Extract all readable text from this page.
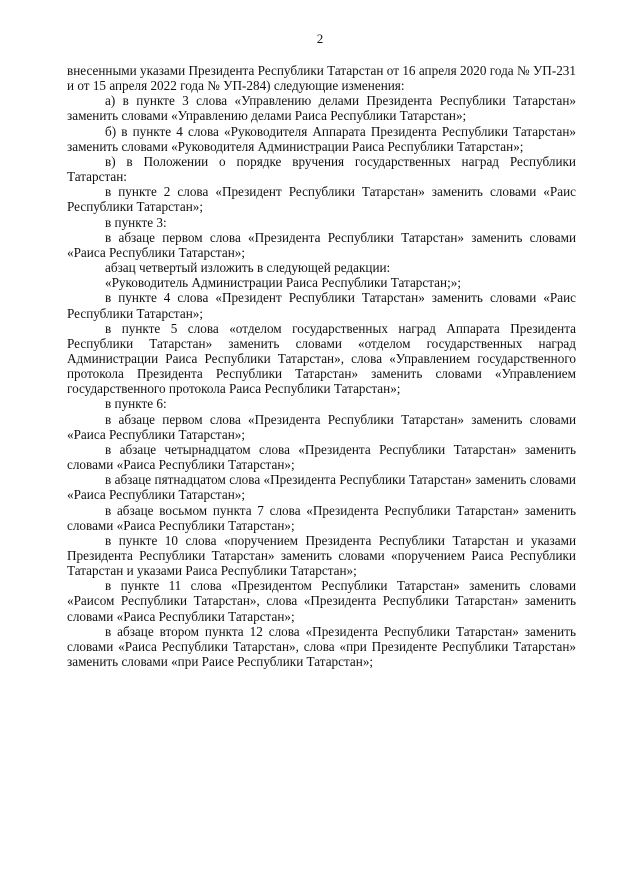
2

внесенными указами Президента Республики Татарстан от 16 апреля 2020 года № УП-231 и от 15 апреля 2022 года № УП-284) следующие изменения:

а) в пункте 3 слова «Управлению делами Президента Республики Татарстан» заменить словами «Управлению делами Раиса Республики Татарстан»;

б) в пункте 4 слова «Руководителя Аппарата Президента Республики Татарстан» заменить словами «Руководителя Администрации Раиса Республики Татарстан»;

в) в Положении о порядке вручения государственных наград Республики Татарстан:

в пункте 2 слова «Президент Республики Татарстан» заменить словами «Раис Республики Татарстан»;

в пункте 3:

в абзаце первом слова «Президента Республики Татарстан» заменить словами «Раиса Республики Татарстан»;

абзац четвертый изложить в следующей редакции:

«Руководитель Администрации Раиса Республики Татарстан;»;

в пункте 4 слова «Президент Республики Татарстан» заменить словами «Раис Республики Татарстан»;

в пункте 5 слова «отделом государственных наград Аппарата Президента Республики Татарстан» заменить словами «отделом государственных наград Администрации Раиса Республики Татарстан», слова «Управлением государственного протокола Президента Республики Татарстан» заменить словами «Управлением государственного протокола Раиса Республики Татарстан»;

в пункте 6:

в абзаце первом слова «Президента Республики Татарстан» заменить словами «Раиса Республики Татарстан»;

в абзаце четырнадцатом слова «Президента Республики Татарстан» заменить словами «Раиса Республики Татарстан»;

в абзаце пятнадцатом слова «Президента Республики Татарстан» заменить словами «Раиса Республики Татарстан»;

в абзаце восьмом пункта 7 слова «Президента Республики Татарстан» заменить словами «Раиса Республики Татарстан»;

в пункте 10 слова «поручением Президента Республики Татарстан и указами Президента Республики Татарстан» заменить словами «поручением Раиса Республики Татарстан и указами Раиса Республики Татарстан»;

в пункте 11 слова «Президентом Республики Татарстан» заменить словами «Раисом Республики Татарстан», слова «Президента Республики Татарстан» заменить словами «Раиса Республики Татарстан»;

в абзаце втором пункта 12 слова «Президента Республики Татарстан» заменить словами «Раиса Республики Татарстан», слова «при Президенте Республики Татарстан» заменить словами «при Раисе Республики Татарстан»;
